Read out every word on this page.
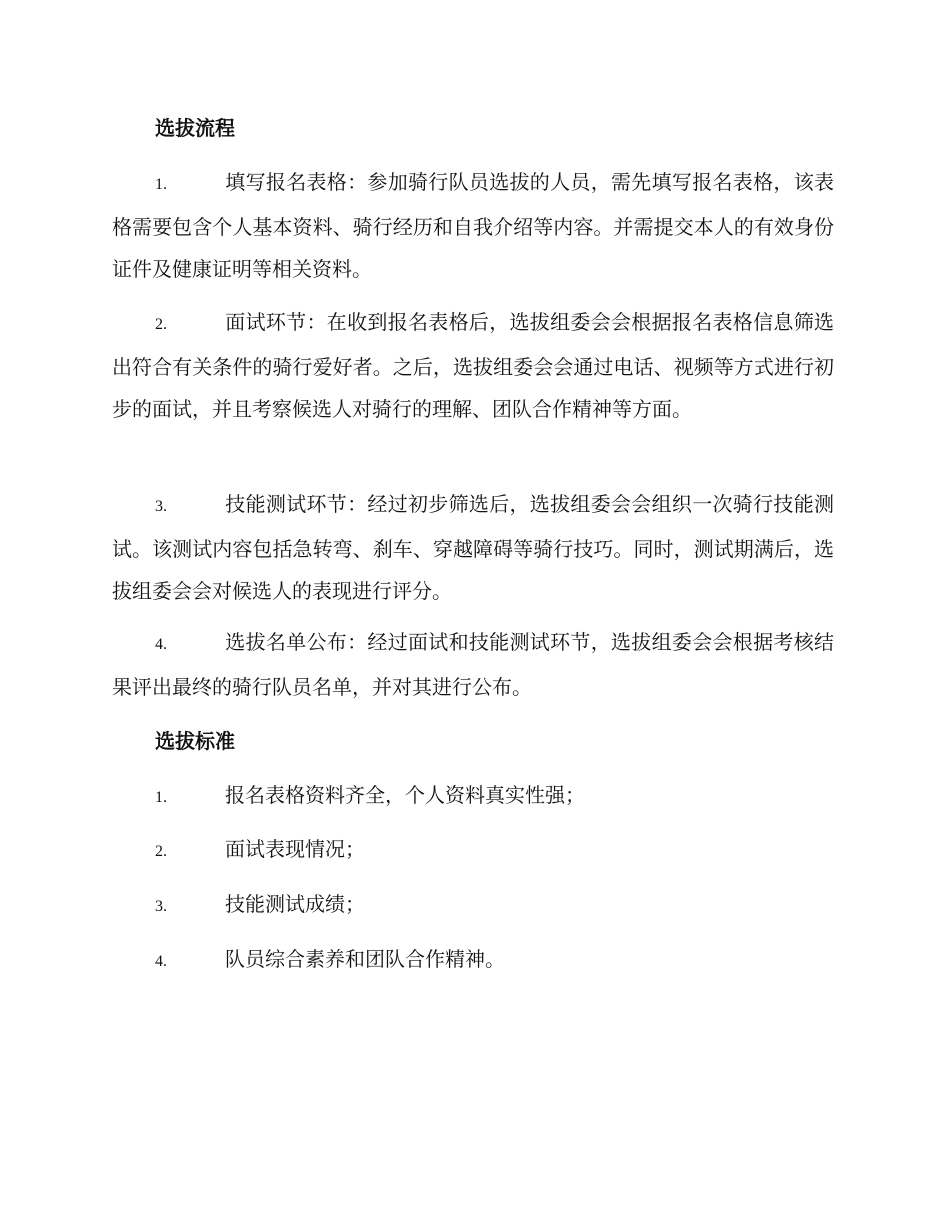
选拔流程

1.	填写报名表格：参加骑行队员选拔的人员，需先填写报名表格，该表格需要包含个人基本资料、骑行经历和自我介绍等内容。并需提交本人的有效身份证件及健康证明等相关资料。

2.	面试环节：在收到报名表格后，选拔组委会会根据报名表格信息筛选出符合有关条件的骑行爱好者。之后，选拔组委会会通过电话、视频等方式进行初步的面试，并且考察候选人对骑行的理解、团队合作精神等方面。

3.	技能测试环节：经过初步筛选后，选拔组委会会组织一次骑行技能测试。该测试内容包括急转弯、刹车、穿越障碍等骑行技巧。同时，测试期满后，选拔组委会会对候选人的表现进行评分。

4.	选拔名单公布：经过面试和技能测试环节，选拔组委会会根据考核结果评出最终的骑行队员名单，并对其进行公布。

选拔标准
1.	报名表格资料齐全，个人资料真实性强；
2.	面试表现情况；
3.	技能测试成绩；
4.	队员综合素养和团队合作精神。
